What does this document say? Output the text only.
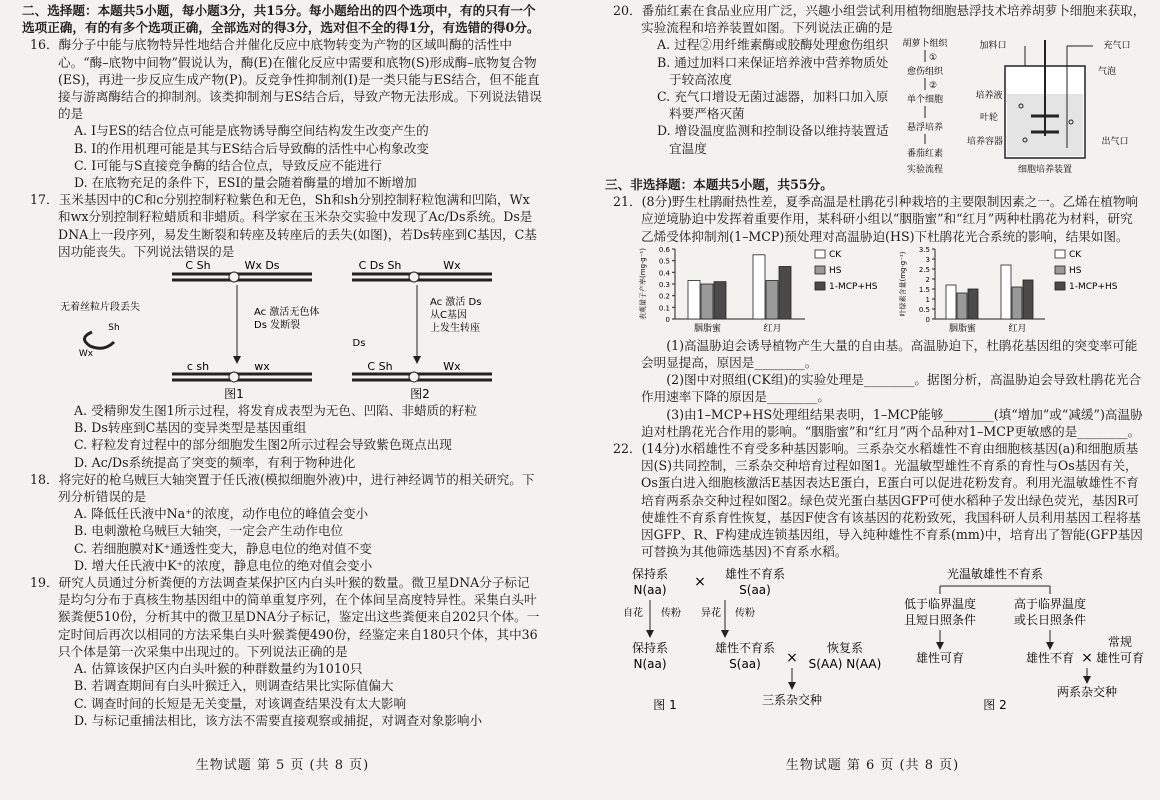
二、选择题：本题共5小题，每小题3分，共15分。每小题给出的四个选项中，有的只有一个选项正确，有的有多个选项正确，全部选对的得3分，选对但不全的得1分，有选错的得0分。

16．酶分子中能与底物特异性地结合并催化反应中底物转变为产物的区域叫酶的活性中心。“酶–底物中间物”假说认为，酶(E)在催化反应中需要和底物(S)形成酶–底物复合物(ES)，再进一步反应生成产物(P)。反竞争性抑制剂(I)是一类只能与ES结合，但不能直接与游离酶结合的抑制剂。该类抑制剂与ES结合后，导致产物无法形成。下列说法错误的是

A. I与ES的结合位点可能是底物诱导酶空间结构发生改变产生的

B. I的作用机理可能是其与ES结合后导致酶的活性中心构象改变

C. I可能与S直接竞争酶的结合位点，导致反应不能进行

D. 在底物充足的条件下，ESI的量会随着酶量的增加不断增加

17．玉米基因中的C和c分别控制籽粒紫色和无色，Sh和sh分别控制籽粒饱满和凹陷，Wx和wx分别控制籽粒蜡质和非蜡质。科学家在玉米杂交实验中发现了Ac/Ds系统。Ds是DNA上一段序列，易发生断裂和转座及转座后的丢失(如图)，若Ds转座到C基因，C基因功能丧失。下列说法错误的是

C Sh	Wx Ds
Ac 激活无色体
Ds 发断裂
无着丝粒片段丢失
Sh
Wx
c sh	wx
图1
C Ds Sh	Wx
Ac 激活 Ds
从C基因
上发生转座
Ds
C Sh	Wx
图2

A. 受精卵发生图1所示过程，将发育成表型为无色、凹陷、非蜡质的籽粒

B. Ds转座到C基因的变异类型是基因重组

C. 籽粒发育过程中的部分细胞发生图2所示过程会导致紫色斑点出现

D. Ac/Ds系统提高了突变的频率，有利于物种进化

18．将完好的枪乌贼巨大轴突置于任氏液(模拟细胞外液)中，进行神经调节的相关研究。下列分析错误的是

A. 降低任氏液中Na⁺的浓度，动作电位的峰值会变小

B. 电刺激枪乌贼巨大轴突，一定会产生动作电位

C. 若细胞膜对K⁺通透性变大，静息电位的绝对值不变

D. 增大任氏液中K⁺的浓度，静息电位的绝对值会变小

19．研究人员通过分析粪便的方法调查某保护区内白头叶猴的数量。微卫星DNA分子标记是均匀分布于真核生物基因组中的简单重复序列，在个体间呈高度特异性。采集白头叶猴粪便510份，分析其中的微卫星DNA分子标记，鉴定出这些粪便来自202只个体。一定时间后再次以相同的方法采集白头叶猴粪便490份，经鉴定来自180只个体，其中36只个体是第一次采集中出现过的。下列说法正确的是

A. 估算该保护区内白头叶猴的种群数量约为1010只

B. 若调查期间有白头叶猴迁入，则调查结果比实际值偏大

C. 调查时间的长短是无关变量，对该调查结果没有太大影响

D. 与标记重捕法相比，该方法不需要直接观察或捕捉，对调查对象影响小

生物试题 第 5 页 (共 8 页)

20．番茄红素在食品业应用广泛，兴趣小组尝试利用植物细胞悬浮技术培养胡萝卜细胞来获取，实验流程和培养装置如图。下列说法正确的是

A. 过程②用纤维素酶或胶酶处理愈伤组织

B. 通过加料口来保证培养液中营养物质处于较高浓度

C. 充气口增设无菌过滤器，加料口加入原料要严格灭菌

D. 增设温度监测和控制设备以维持装置适宜温度

胡萝卜组织
①
愈伤组织
②
单个细胞
悬浮培养
番茄红素
实验流程
加料口	充气口
气泡
培养液
叶轮
培养容器	出气口
细胞培养装置

三、非选择题：本题共5小题，共55分。

21．(8分)野生杜鹃耐热性差，夏季高温是杜鹃花引种栽培的主要限制因素之一。乙烯在植物响应逆境胁迫中发挥着重要作用，某科研小组以“胭脂蜜”和“红月”两种杜鹃花为材料，研究乙烯受体抑制剂(1–MCP)预处理对高温胁迫(HS)下杜鹃花光合系统的影响，结果如图。

表观量子产率(mg·g⁻¹)
0
0.1
0.2
0.3
0.4
0.5
0.6
胭脂蜜	红月
CK
HS
1-MCP+HS	叶绿素含量(mg·g⁻¹)
0
0.5
1
1.5
2
2.5
3
3.5
胭脂蜜	红月
CK
HS
1-MCP+HS

(1)高温胁迫会诱导植物产生大量的自由基。高温胁迫下，杜鹃花基因组的突变率可能会明显提高，原因是________。

(2)图中对照组(CK组)的实验处理是________。据图分析，高温胁迫会导致杜鹃花光合作用速率下降的原因是________。

(3)由1–MCP+HS处理组结果表明，1–MCP能够________(填“增加”或“减缓”)高温胁迫对杜鹃花光合作用的影响。“胭脂蜜”和“红月”两个品种对1–MCP更敏感的是________。

22．(14分)水稻雄性不育受多种基因影响。三系杂交水稻雄性不育由细胞核基因(a)和细胞质基因(S)共同控制，三系杂交种培育过程如图1。光温敏型雄性不育系的育性与Os基因有关，Os蛋白进入细胞核激活E基因表达E蛋白，E蛋白可以促进花粉发育。利用光温敏雄性不育培育两系杂交种过程如图2。绿色荧光蛋白基因GFP可使水稻种子发出绿色荧光，基因R可使雄性不育系育性恢复，基因F使含有该基因的花粉致死，我国科研人员利用基因工程将基因GFP、R、F构建成连锁基因组，导入纯种雄性不育系(mm)中，培育出了智能(GFP基因可替换为其他筛选基因)不育系水稻。

保持系
N(aa) × 雄性不育系
S(aa)
自花 传粉 异花 传粉
保持系
N(aa)
雄性不育系
S(aa) ×
恢复系
S(AA) N(AA)
三系杂交种
图 1
光温敏雄性不育系
低于临界温度
且短日照条件
高于临界温度
或长日照条件
雄性可育	雄性不育 ×
常规
雄性可育
两系杂交种
图 2
生物试题 第 6 页 (共 8 页)
